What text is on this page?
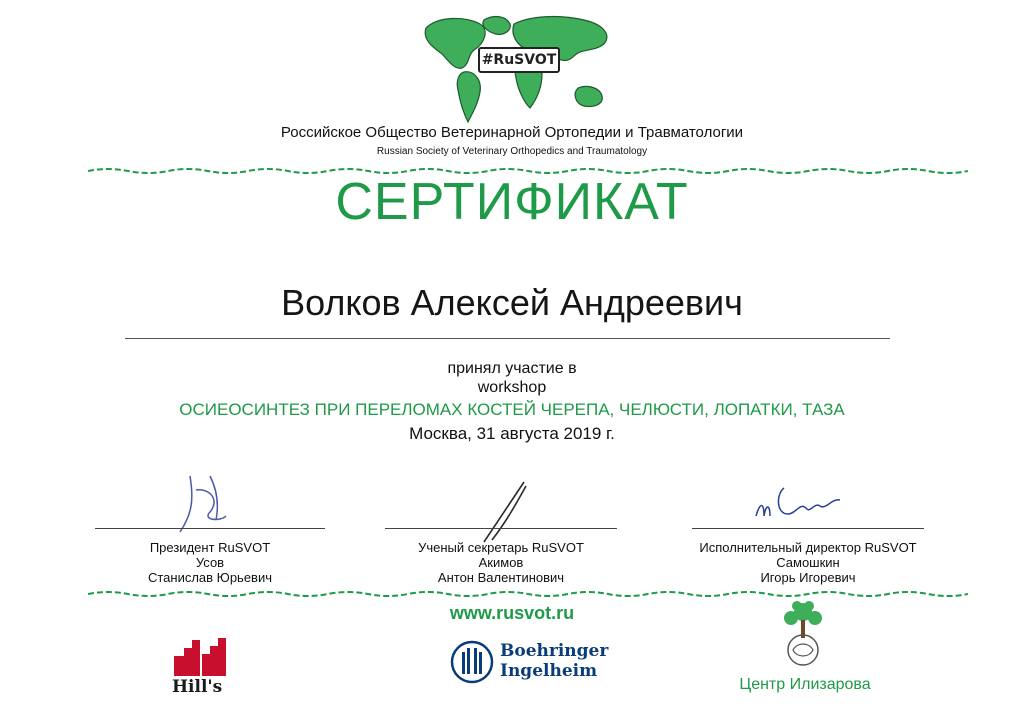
#RuSVOT
Российское Общество Ветеринарной Ортопедии и Травматологии
Russian Society of Veterinary Orthopedics and Traumatology
СЕРТИФИКАТ
Волков Алексей Андреевич
принял участие в
workshop
ОСИЕОСИНТЕЗ ПРИ ПЕРЕЛОМАХ КОСТЕЙ ЧЕРЕПА, ЧЕЛЮСТИ, ЛОПАТКИ, ТАЗА
Москва, 31 августа 2019 г.
Президент RuSVOT
Усов
Станислав Юрьевич
Ученый секретарь RuSVOT
Акимов
Антон Валентинович
Исполнительный директор RuSVOT
Самошкин
Игорь Игоревич
www.rusvot.ru
Hill's
Boehringer
Ingelheim
Центр Илизарова
